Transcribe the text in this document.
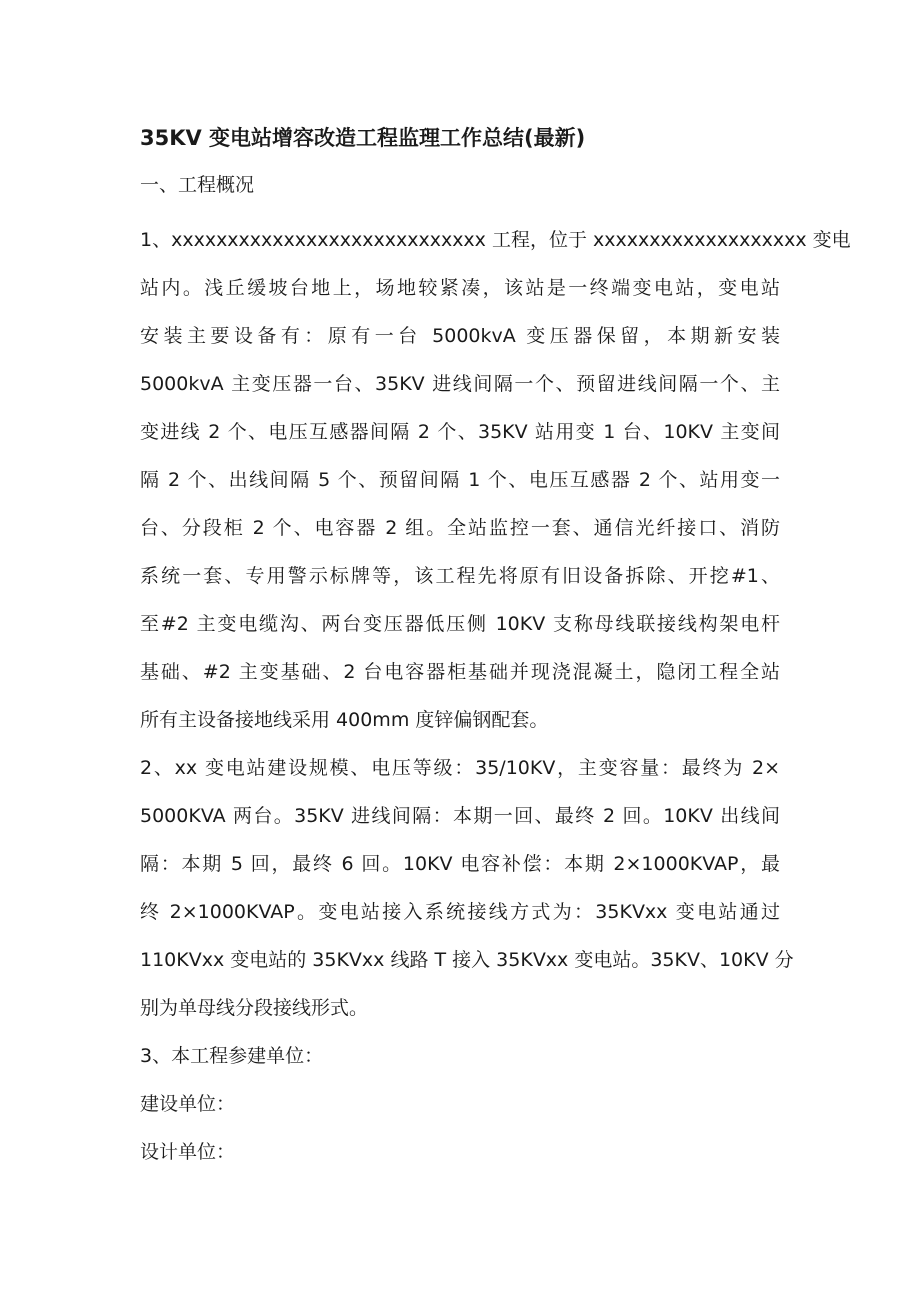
35KV 变电站增容改造工程监理工作总结(最新)

一、工程概况

1、xxxxxxxxxxxxxxxxxxxxxxxxxxxx 工程，位于 xxxxxxxxxxxxxxxxxxx 变电
站内。浅丘缓坡台地上，场地较紧凑，该站是一终端变电站，变电站
安装主要设备有：原有一台 5000kvA 变压器保留，本期新安装
5000kvA 主变压器一台、35KV 进线间隔一个、预留进线间隔一个、主
变进线 2 个、电压互感器间隔 2 个、35KV 站用变 1 台、10KV 主变间
隔 2 个、出线间隔 5 个、预留间隔 1 个、电压互感器 2 个、站用变一
台、分段柜 2 个、电容器 2 组。全站监控一套、通信光纤接口、消防
系统一套、专用警示标牌等，该工程先将原有旧设备拆除、开挖#1、
至#2 主变电缆沟、两台变压器低压侧 10KV 支称母线联接线构架电杆
基础、#2 主变基础、2 台电容器柜基础并现浇混凝土，隐闭工程全站
所有主设备接地线采用 400mm 度锌偏钢配套。
2、xx 变电站建设规模、电压等级：35/10KV，主变容量：最终为 2×
5000KVA 两台。35KV 进线间隔：本期一回、最终 2 回。10KV 出线间
隔：本期 5 回，最终 6 回。10KV 电容补偿：本期 2×1000KVAP，最
终 2×1000KVAP。变电站接入系统接线方式为：35KVxx 变电站通过
110KVxx 变电站的 35KVxx 线路 T 接入 35KVxx 变电站。35KV、10KV 分
别为单母线分段接线形式。
3、本工程参建单位：
建设单位：
设计单位：
